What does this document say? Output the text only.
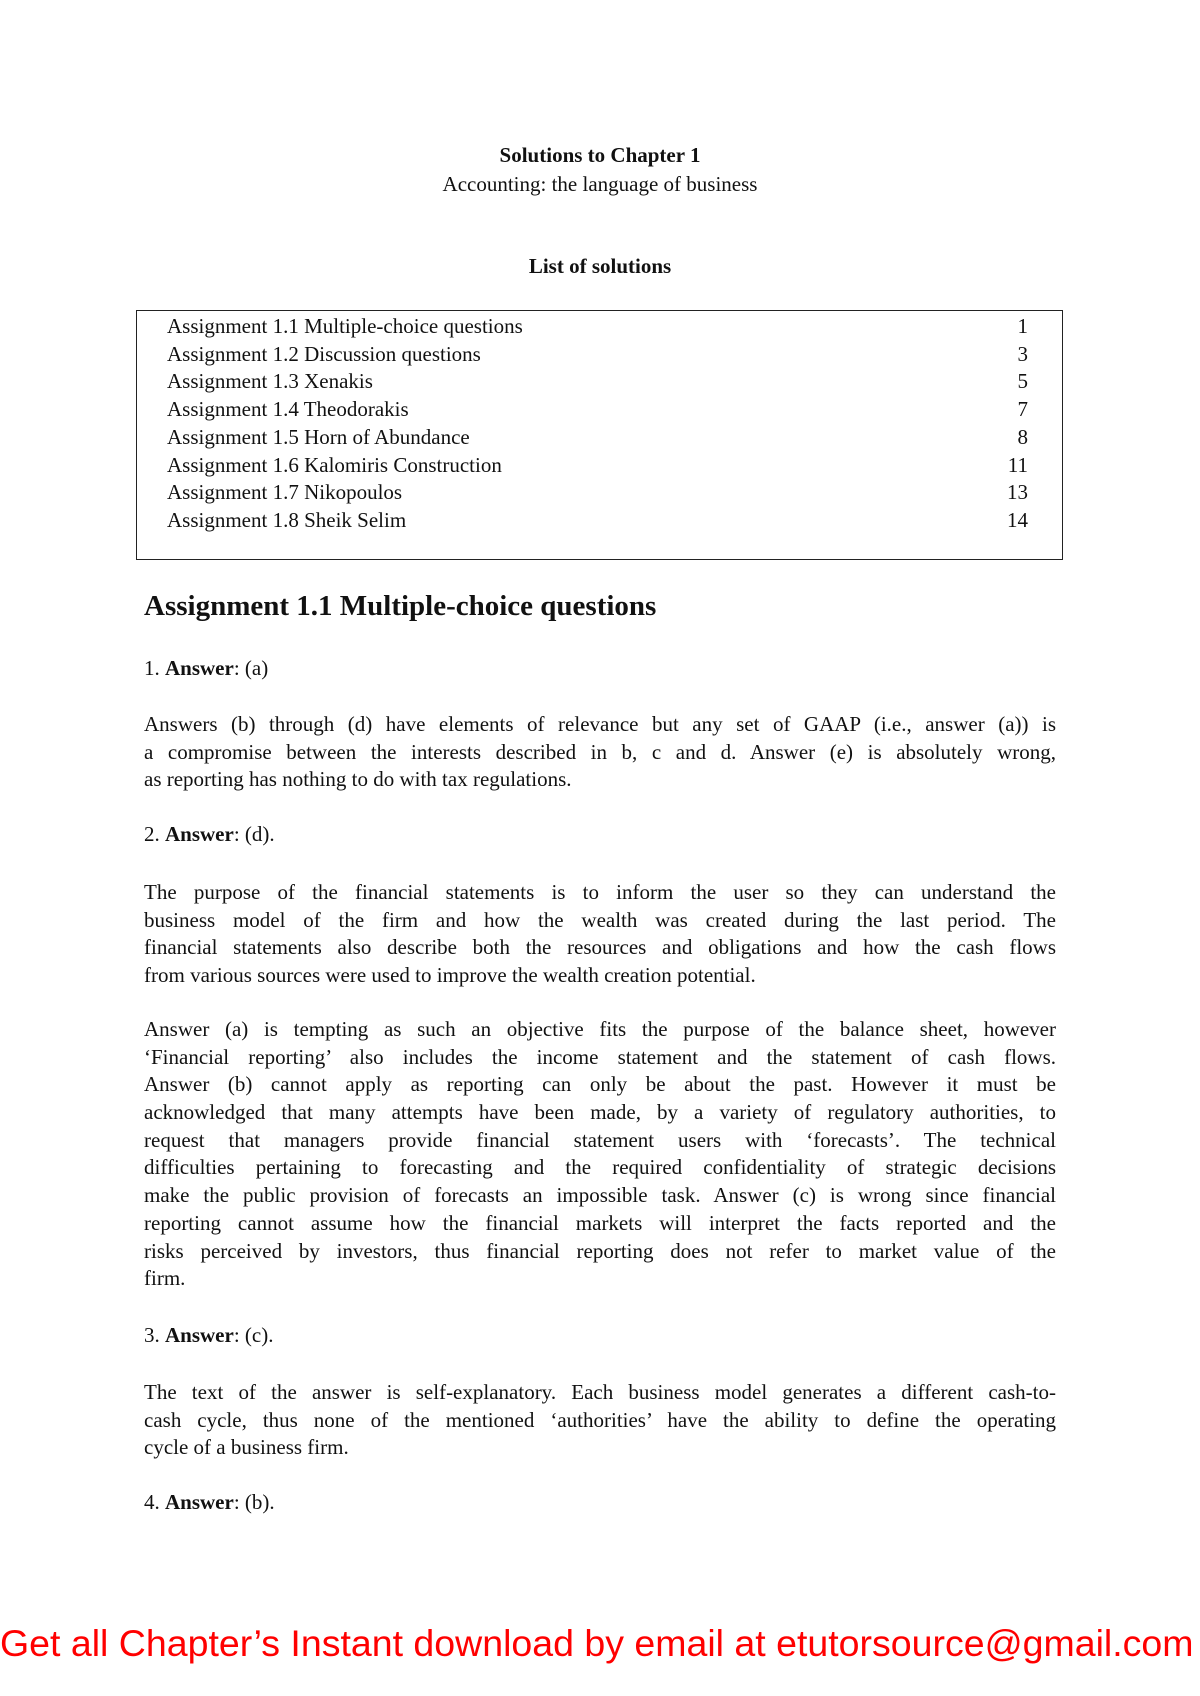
Solutions to Chapter 1
Accounting: the language of business
List of solutions
Assignment 1.1 Multiple-choice questions	1
Assignment 1.2 Discussion questions	3
Assignment 1.3 Xenakis	5
Assignment 1.4 Theodorakis	7
Assignment 1.5 Horn of Abundance	8
Assignment 1.6 Kalomiris Construction	11
Assignment 1.7 Nikopoulos	13
Assignment 1.8 Sheik Selim	14
Assignment 1.1 Multiple-choice questions
1. Answer: (a)
Answers (b) through (d) have elements of relevance but any set of GAAP (i.e., answer (a)) is
a compromise between the interests described in b, c and d. Answer (e) is absolutely wrong,
as reporting has nothing to do with tax regulations.
2. Answer: (d).
The purpose of the financial statements is to inform the user so they can understand the
business model of the firm and how the wealth was created during the last period. The
financial statements also describe both the resources and obligations and how the cash flows
from various sources were used to improve the wealth creation potential.
Answer (a) is tempting as such an objective fits the purpose of the balance sheet, however
‘Financial reporting’ also includes the income statement and the statement of cash flows.
Answer (b) cannot apply as reporting can only be about the past. However it must be
acknowledged that many attempts have been made, by a variety of regulatory authorities, to
request that managers provide financial statement users with ‘forecasts’. The technical
difficulties pertaining to forecasting and the required confidentiality of strategic decisions
make the public provision of forecasts an impossible task. Answer (c) is wrong since financial
reporting cannot assume how the financial markets will interpret the facts reported and the
risks perceived by investors, thus financial reporting does not refer to market value of the
firm.
3. Answer: (c).
The text of the answer is self-explanatory. Each business model generates a different cash-to-
cash cycle, thus none of the mentioned ‘authorities’ have the ability to define the operating
cycle of a business firm.
4. Answer: (b).
Get all Chapter’s Instant download by email at etutorsource@gmail.com
